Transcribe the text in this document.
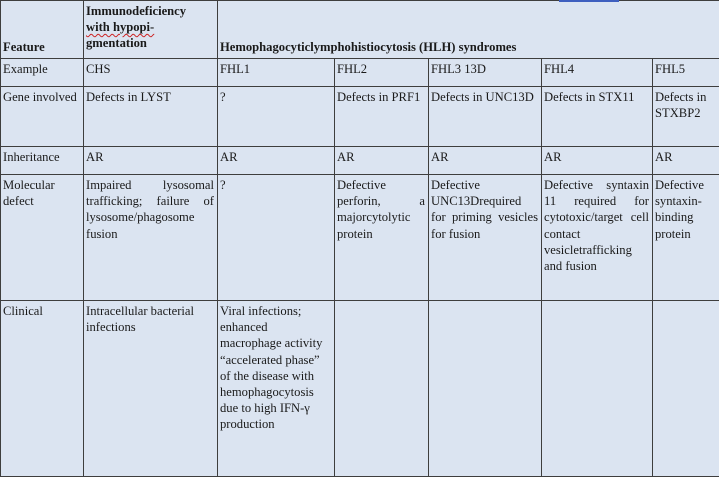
Feature	Immunodeficiency
with hypopi-
gmentation	Hemophagocyticlymphohistiocytosis (HLH) syndromes				
Example	CHS	FHL1	FHL2	FHL3 13D	FHL4	FHL5
Gene involved	Defects in LYST	?	Defects in PRF1	Defects in UNC13D	Defects in STX11	Defects in STXBP2
Inheritance	AR	AR	AR	AR	AR	AR
Molecular defect	Impaired lysosomal trafficking; failure of lysosome/phagosome fusion	?	Defective perforin, a majorcytolytic protein	Defective UNC13Drequired for priming vesicles for fusion	Defective syntaxin 11 required for cytotoxic/target cell contact vesicletrafficking and fusion	Defective syntaxin-binding protein
Clinical	Intracellular bacterial infections	Viral infections; enhanced macrophage activity “accelerated phase” of the disease with hemophagocytosis due to high IFN-γ production				
